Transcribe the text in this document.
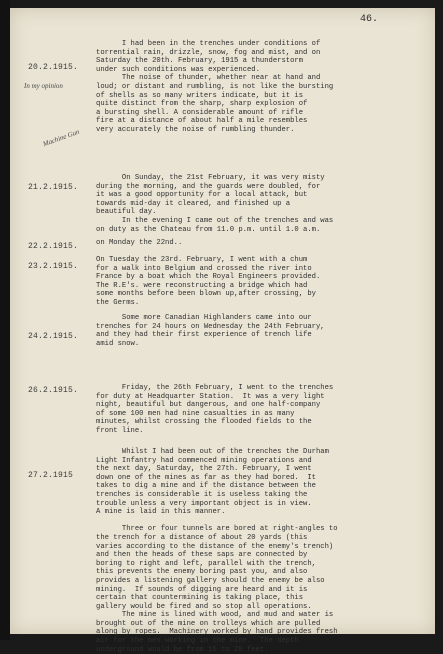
46.
In my opinion
Machine Gun
20.2.1915.
I had been in the trenches under conditions of
torrential rain, drizzle, snow, fog and mist, and on
Saturday the 20th. February, 1915 a thunderstorm
under such conditions was experienced.
The noise of thunder, whether near at hand and
loud; or distant and rumbling, is not like the bursting
of shells as so many writers indicate, but it is
quite distinct from the sharp, sharp explosion of
a bursting shell. A considerable amount of rifle
fire at a distance of about half a mile resembles
very accurately the noise of rumbling thunder.

21.2.1915.
On Sunday, the 21st February, it was very misty
during the morning, and the guards were doubled, for
it was a good opportunity for a local attack, but
towards mid-day it cleared, and finished up a
beautiful day.
In the evening I came out of the trenches and was
on duty as the Chateau from 11.0 p.m. until 1.0 a.m.

22.2.1915. on Monday the 22nd..

23.2.1915.
On Tuesday the 23rd. February, I went with a chum
for a walk into Belgium and crossed the river into
France by a boat which the Royal Engineers provided.
The R.E's. were reconstructing a bridge which had
some months before been blown up,after crossing, by
the Germs.

24.2.1915.
Some more Canadian Highlanders came into our
trenches for 24 hours on Wednesday the 24th February,
and they had their first experience of trench life
amid snow.

26.2.1915. Friday, the 26th February, I went to the trenches
for duty at Headquarter Station.  It was a very light
night, beautiful but dangerous, and one half-company
of some 100 men had nine casualties in as many
minutes, whilst crossing the flooded fields to the
front line.

27.2.1915
Whilst I had been out of the trenches the Durham
Light Infantry had commenced mining operations and
the next day, Saturday, the 27th. February, I went
down one of the mines as far as they had bored.  It
takes to dig a mine and if the distance between the
trenches is considerable it is useless taking the
trouble unless a very important object is in view.
A mine is laid in this manner.

Three or four tunnels are bored at right-angles to
the trench for a distance of about 20 yards (this
varies according to the distance of the enemy's trench)
and then the heads of these saps are connected by
boring to right and left, parallel with the trench,
this prevents the enemy boring past you, and also
provides a listening gallery should the enemy be also
mining.  If sounds of digging are heard and it is
certain that countermining is taking place, this
gallery would be fired and so stop all operations.
The mine is lined with wood, and mud and water is
brought out of the mine on trolleys which are pulled
along by ropes.  Machinery worked by hand provides fresh
air for the men working in the mine.  The depth
underground would be from 15 to 20 feet.
